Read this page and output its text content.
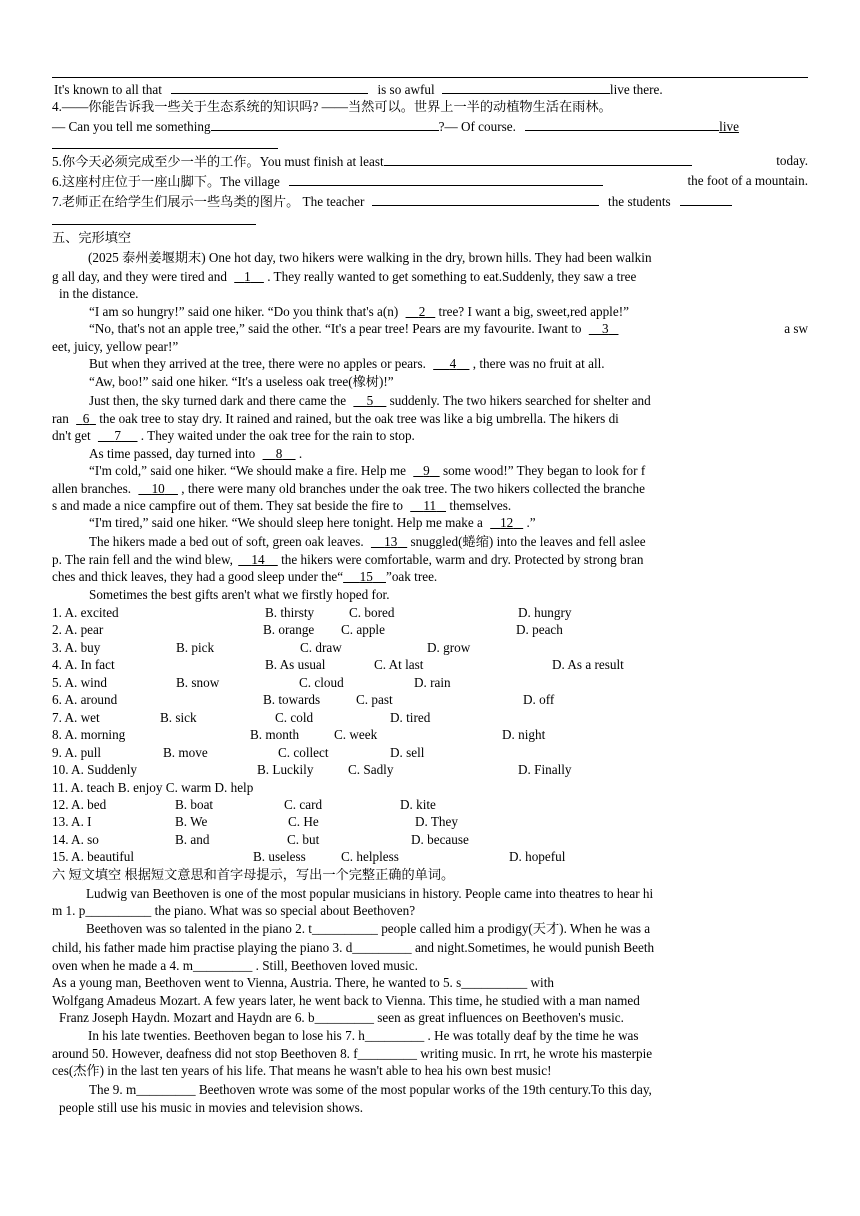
It's known to all that	is so awful	live there.
4.——你能告诉我一些关于生态系统的知识吗? ——当然可以。世界上一半的动植物生活在雨林。
— Can you tell me something	?— Of course.	live
5.你今天必须完成至少一半的工作。You must finish at least	today.
6.这座村庄位于一座山脚下。The village	the foot of a mountain.
7.老师正在给学生们展示一些鸟类的图片。 The teacher	the students
五、完形填空
(2025 泰州姜堰期末) One hot day, two hikers were walking in the dry, brown hills. They had been walkin
g all day, and they were tired and 1 . They really wanted to get something to eat.Suddenly, they saw a tree
in the distance.
“I am so hungry!” said one hiker. “Do you think that's a(n) 2 tree? I want a big, sweet,red apple!”
“No, that's not an apple tree,” said the other. “It's a pear tree! Pears are my favourite. Iwant to 3	a sw
eet, juicy, yellow pear!”
But when they arrived at the tree, there were no apples or pears. 4 , there was no fruit at all.
“Aw, boo!” said one hiker. “It's a useless oak tree(橡树)!”
Just then, the sky turned dark and there came the 5 suddenly. The two hikers searched for shelter and
ran 6 the oak tree to stay dry. It rained and rained, but the oak tree was like a big umbrella. The hikers di
dn't get 7 . They waited under the oak tree for the rain to stop.
As time passed, day turned into 8 .
“I'm cold,” said one hiker. “We should make a fire. Help me 9 some wood!” They began to look for f
allen branches. 10 , there were many old branches under the oak tree. The two hikers collected the branche
s and made a nice campfire out of them. They sat beside the fire to 11 themselves.
“I'm tired,” said one hiker. “We should sleep here tonight. Help me make a 12 .”
The hikers made a bed out of soft, green oak leaves. 13 snuggled(蜷缩) into the leaves and fell aslee
p. The rain fell and the wind blew, 14 the hikers were comfortable, warm and dry. Protected by strong bran
ches and thick leaves, they had a good sleep under the“ 15 ”oak tree.
Sometimes the best gifts aren't what we firstly hoped for.
1. A. excited	B. thirsty	C. bored	D. hungry
2. A. pear	B. orange C. apple	D. peach
3. A. buy	B. pick	C. draw	D. grow
4. A. In fact	B. As usual	C. At last	D. As a result
5. A. wind	B. snow	C. cloud	D. rain
6. A. around	B. towards	C. past	D. off
7. A. wet	B. sick	C. cold	D. tired
8. A. morning	B. month	C. week	D. night
9. A. pull	B. move	C. collect	D. sell
10. A. Suddenly	B. Luckily	C. Sadly	D. Finally
11. A. teach B. enjoy C. warm D. help
12. A. bed	B. boat	C. card	D. kite
13. A. I	B. We	C. He	D. They
14. A. so	B. and	C. but	D. because
15. A. beautiful	B. useless	C. helpless	D. hopeful
六 短文填空 根据短文意思和首字母提示，写出一个完整正确的单词。
Ludwig van Beethoven is one of the most popular musicians in history. People came into theatres to hear hi
m 1. p__________ the piano. What was so special about Beethoven?
Beethoven was so talented in the piano 2. t__________ people called him a prodigy(天才). When he was a
child, his father made him practise playing the piano 3. d_________ and night.Sometimes, he would punish Beeth
oven when he made a 4. m_________ . Still, Beethoven loved music.
As a young man, Beethoven went to Vienna, Austria. There, he wanted to 5. s__________ with
Wolfgang Amadeus Mozart. A few years later, he went back to Vienna. This time, he studied with a man named
Franz Joseph Haydn. Mozart and Haydn are 6. b_________ seen as great influences on Beethoven's music.
In his late twenties. Beethoven began to lose his 7. h_________ . He was totally deaf by the time he was
around 50. However, deafness did not stop Beethoven 8. f_________ writing music. In rrt, he wrote his masterpie
ces(杰作) in the last ten years of his life. That means he wasn't able to hea his own best music!
The 9. m_________ Beethoven wrote was some of the most popular works of the 19th century.To this day,
people still use his music in movies and television shows.
